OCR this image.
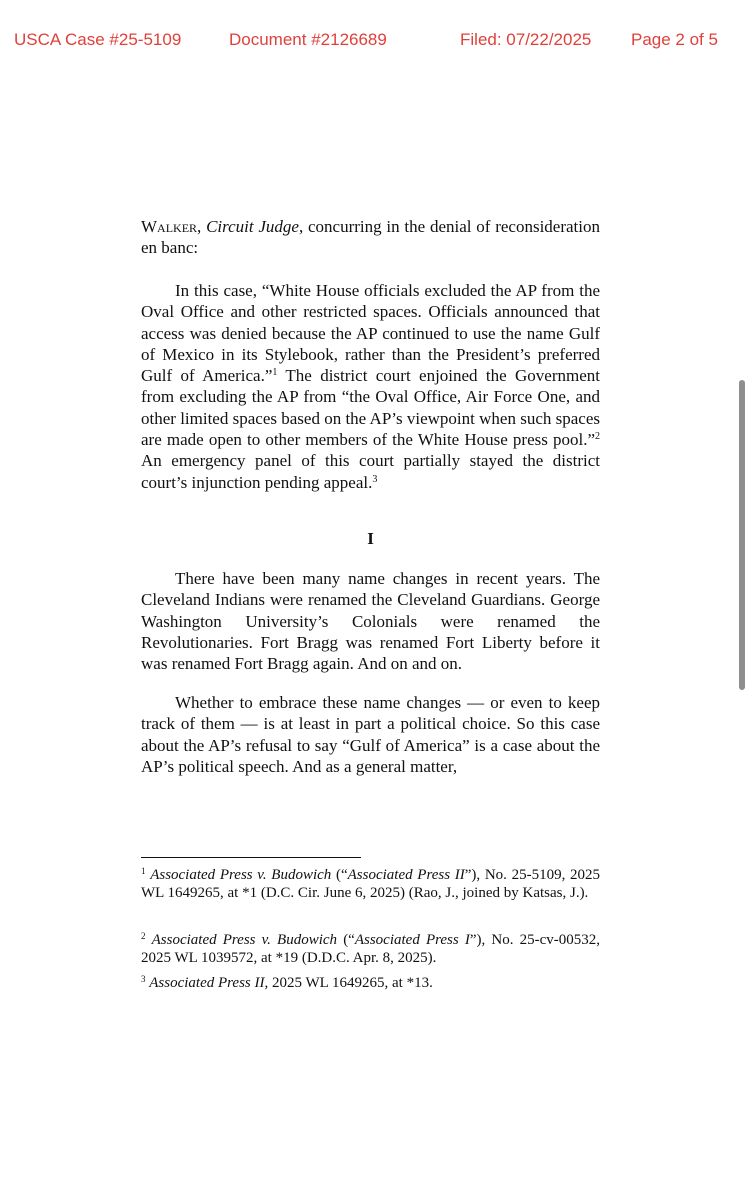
USCA Case #25-5109	Document #2126689	Filed: 07/22/2025 Page 2 of 5

Walker, Circuit Judge, concurring in the denial of reconsideration en banc:

In this case, “White House officials excluded the AP from the Oval Office and other restricted spaces. Officials announced that access was denied because the AP continued to use the name Gulf of Mexico in its Stylebook, rather than the President’s preferred Gulf of America.”$^1$ The district court enjoined the Government from excluding the AP from “the Oval Office, Air Force One, and other limited spaces based on the AP’s viewpoint when such spaces are made open to other members of the White House press pool.”$^2$ An emergency panel of this court partially stayed the district court’s injunction pending appeal.$^3$

I

There have been many name changes in recent years. The Cleveland Indians were renamed the Cleveland Guardians. George Washington University’s Colonials were renamed the Revolutionaries. Fort Bragg was renamed Fort Liberty before it was renamed Fort Bragg again. And on and on.

Whether to embrace these name changes — or even to keep track of them — is at least in part a political choice. So this case about the AP’s refusal to say “Gulf of America” is a case about the AP’s political speech. And as a general matter,

$^1$ Associated Press v. Budowich (“Associated Press II”), No. 25-5109, 2025 WL 1649265, at *1 (D.C. Cir. June 6, 2025) (Rao, J., joined by Katsas, J.).

$^2$ Associated Press v. Budowich (“Associated Press I”), No. 25-cv-00532, 2025 WL 1039572, at *19 (D.D.C. Apr. 8, 2025).

$^3$ Associated Press II, 2025 WL 1649265, at *13.
